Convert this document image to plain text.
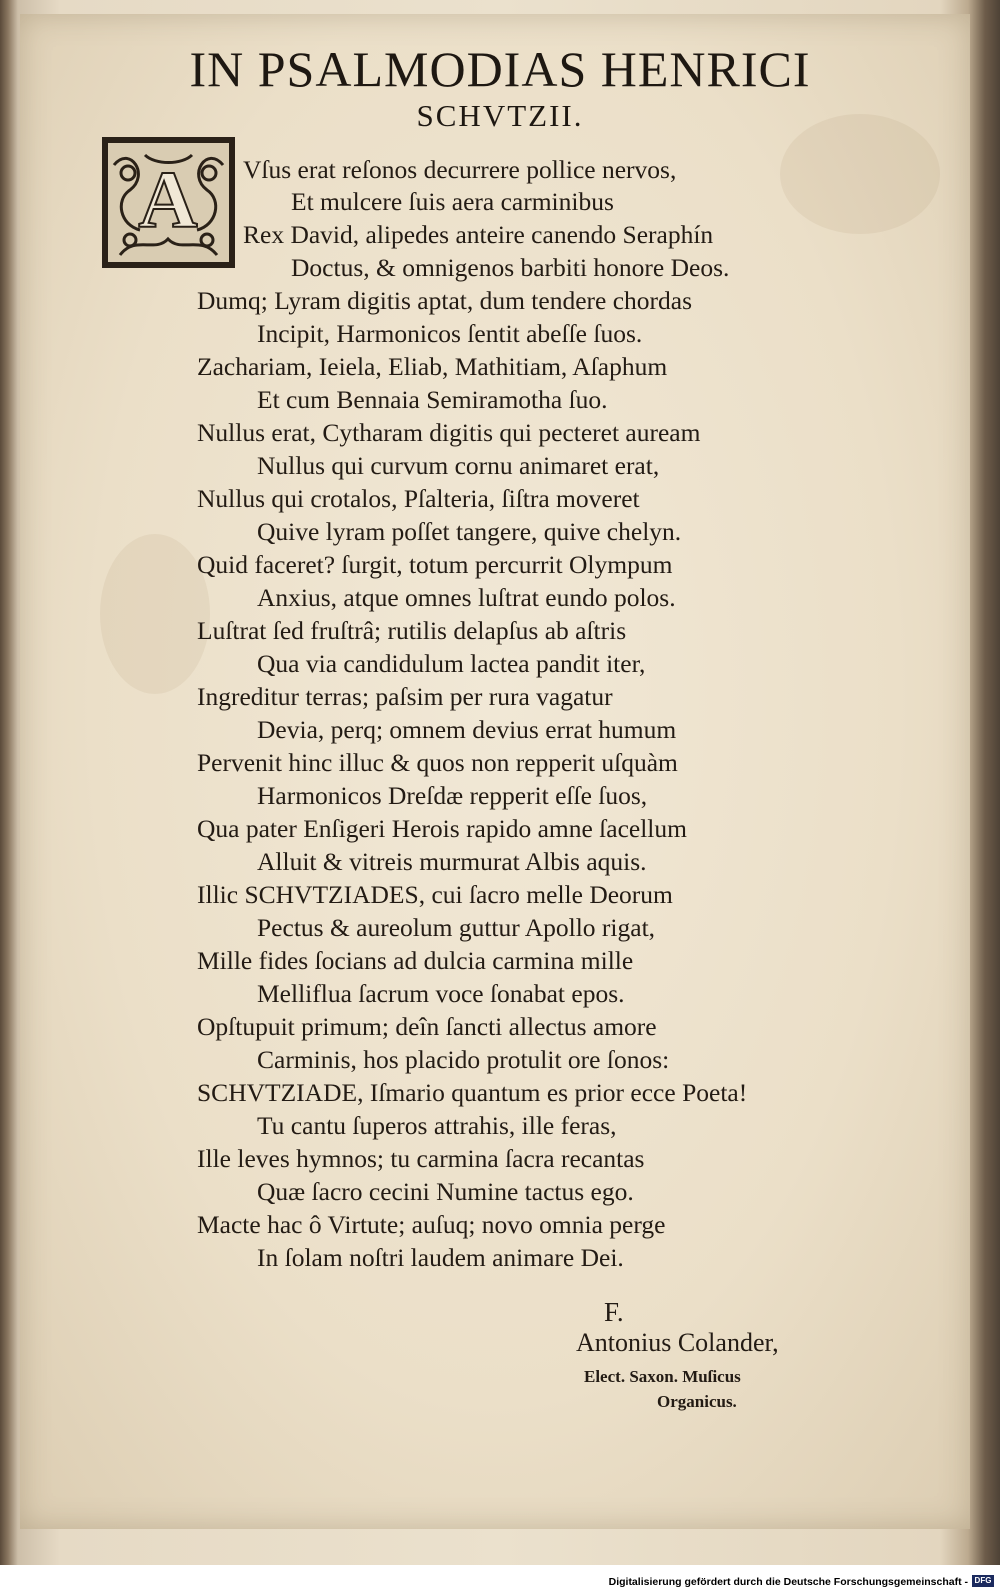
IN PSALMODIAS HENRICI
SCHVTZII.
A Vſus erat reſonos decurrere pollice nervos,
Et mulcere ſuis aera carminibus
Rex David, alipedes anteire canendo Seraphín
Doctus, & omnigenos barbiti honore Deos.
Dumq; Lyram digitis aptat, dum tendere chordas
Incipit, Harmonicos ſentit abeſſe ſuos.
Zachariam, Ieiela, Eliab, Mathitiam, Aſaphum
Et cum Bennaia Semiramotha ſuo.
Nullus erat, Cytharam digitis qui pecteret auream
Nullus qui curvum cornu animaret erat,
Nullus qui crotalos, Pſalteria, ſiſtra moveret
Quive lyram poſſet tangere, quive chelyn.
Quid faceret? ſurgit, totum percurrit Olympum
Anxius, atque omnes luſtrat eundo polos.
Luſtrat ſed fruſtrâ; rutilis delapſus ab aſtris
Qua via candidulum lactea pandit iter,
Ingreditur terras; paſsim per rura vagatur
Devia, perq; omnem devius errat humum
Pervenit hinc illuc & quos non repperit uſquàm
Harmonicos Dreſdæ repperit eſſe ſuos,
Qua pater Enſigeri Herois rapido amne ſacellum
Alluit & vitreis murmurat Albis aquis.
Illic SCHVTZIADES, cui ſacro melle Deorum
Pectus & aureolum guttur Apollo rigat,
Mille fides ſocians ad dulcia carmina mille
Melliflua ſacrum voce ſonabat epos.
Opſtupuit primum; deîn ſancti allectus amore
Carminis, hos placido protulit ore ſonos:
SCHVTZIADE, Iſmario quantum es prior ecce Poeta!
Tu cantu ſuperos attrahis, ille feras,
Ille leves hymnos; tu carmina ſacra recantas
Quæ ſacro cecini Numine tactus ego.
Macte hac ô Virtute; auſuq; novo omnia perge
In ſolam noſtri laudem animare Dei.
F.
Antonius Colander,
Elect. Saxon. Muſicus
Organicus.
Digitalisierung gefördert durch die Deutsche Forschungsgemeinschaft - DFG
